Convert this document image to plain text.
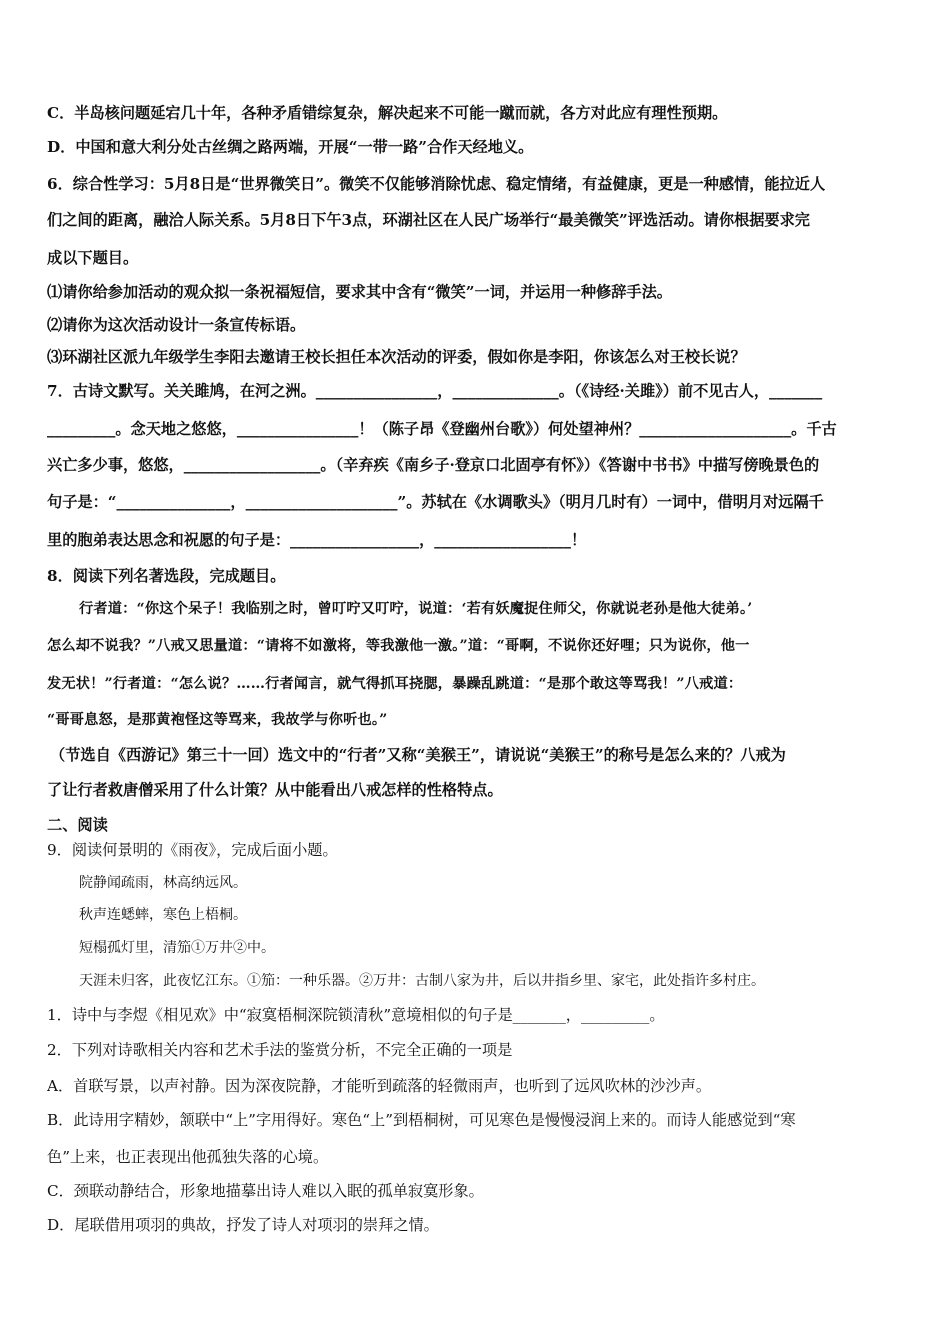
C．半岛核问题延宕几十年，各种矛盾错综复杂，解决起来不可能一蹴而就，各方对此应有理性预期。
D．中国和意大利分处古丝绸之路两端，开展“一带一路”合作天经地义。
6．综合性学习：5月8日是“世界微笑日”。微笑不仅能够消除忧虑、稳定情绪，有益健康，更是一种感情，能拉近人
们之间的距离，融洽人际关系。5月8日下午3点，环湖社区在人民广场举行“最美微笑”评选活动。请你根据要求完
成以下题目。
⑴请你给参加活动的观众拟一条祝福短信，要求其中含有“微笑”一词，并运用一种修辞手法。
⑵请你为这次活动设计一条宣传标语。
⑶环湖社区派九年级学生李阳去邀请王校长担任本次活动的评委，假如你是李阳，你该怎么对王校长说？
7．古诗文默写。关关雎鸠，在河之洲。________________，______________。（《诗经·关雎》）前不见古人，_______
_________。念天地之悠悠，________________！（陈子昂《登幽州台歌》）何处望神州？____________________。千古
兴亡多少事，悠悠，__________________。（辛弃疾《南乡子·登京口北固亭有怀》）《答谢中书书》中描写傍晚景色的
句子是：“_______________，____________________”。苏轼在《水调歌头》（明月几时有）一词中，借明月对远隔千
里的胞弟表达思念和祝愿的句子是：_________________，__________________！
8．阅读下列名著选段，完成题目。
行者道：“你这个呆子！我临别之时，曾叮咛又叮咛，说道：‘若有妖魔捉住师父，你就说老孙是他大徒弟。’
怎么却不说我？”八戒又思量道：“请将不如激将，等我激他一激。”道：“哥啊，不说你还好哩；只为说你，他一
发无状！”行者道：“怎么说？……行者闻言，就气得抓耳挠腮，暴躁乱跳道：“是那个敢这等骂我！”八戒道：
“哥哥息怒，是那黄袍怪这等骂来，我故学与你听也。”
（节选自《西游记》第三十一回）选文中的“行者”又称“美猴王”，请说说“美猴王”的称号是怎么来的？八戒为
了让行者救唐僧采用了什么计策？从中能看出八戒怎样的性格特点。
二、阅读
9．阅读何景明的《雨夜》，完成后面小题。
院静闻疏雨，林高纳远风。
秋声连蟋蟀，寒色上梧桐。
短榻孤灯里，清笳①万井②中。
天涯未归客，此夜忆江东。①笳：一种乐器。②万井：古制八家为井，后以井指乡里、家宅，此处指许多村庄。
1．诗中与李煜《相见欢》中“寂寞梧桐深院锁清秋”意境相似的句子是_______，_________。
2．下列对诗歌相关内容和艺术手法的鉴赏分析，不完全正确的一项是
A．首联写景，以声衬静。因为深夜院静，才能听到疏落的轻微雨声，也听到了远风吹林的沙沙声。
B．此诗用字精妙，颔联中“上”字用得好。寒色“上”到梧桐树，可见寒色是慢慢浸润上来的。而诗人能感觉到“寒
色”上来，也正表现出他孤独失落的心境。
C．颈联动静结合，形象地描摹出诗人难以入眠的孤单寂寞形象。
D．尾联借用项羽的典故，抒发了诗人对项羽的崇拜之情。
